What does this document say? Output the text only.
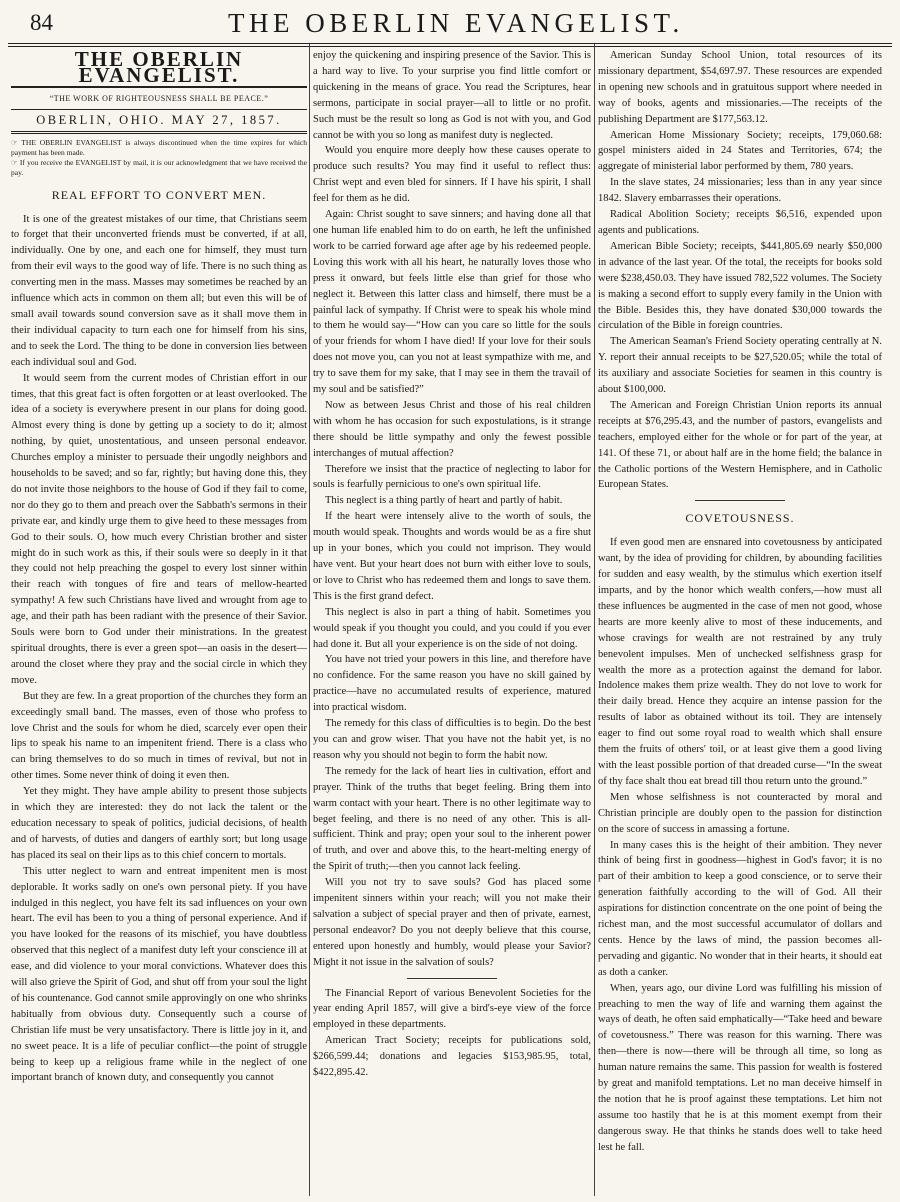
84	THE OBERLIN EVANGELIST.
THE OBERLIN EVANGELIST.
“THE WORK OF RIGHTEOUSNESS SHALL BE PEACE.”
OBERLIN, OHIO. MAY 27, 1857.

☞ THE OBERLIN EVANGELIST is always discontinued when the time expires for which payment has been made.

☞ If you receive the EVANGELIST by mail, it is our acknowledgment that we have received the pay.

REAL EFFORT TO CONVERT MEN.

It is one of the greatest mistakes of our time, that Christians seem to forget that their unconverted friends must be converted, if at all, individually. One by one, and each one for himself, they must turn from their evil ways to the good way of life. There is no such thing as converting men in the mass. Masses may sometimes be reached by an influence which acts in common on them all; but even this will be of small avail towards sound conversion save as it shall move them in their individual capacity to turn each one for himself from his sins, and to seek the Lord. The thing to be done in conversion lies between each individual soul and God.

It would seem from the current modes of Christian effort in our times, that this great fact is often forgotten or at least overlooked. The idea of a society is everywhere present in our plans for doing good. Almost every thing is done by getting up a society to do it; almost nothing, by quiet, unostentatious, and unseen personal endeavor. Churches employ a minister to persuade their ungodly neighbors and households to be saved; and so far, rightly; but having done this, they do not invite those neighbors to the house of God if they fail to come, nor do they go to them and preach over the Sabbath's sermons in their private ear, and kindly urge them to give heed to these messages from God to their souls. O, how much every Christian brother and sister might do in such work as this, if their souls were so deeply in it that they could not help preaching the gospel to every lost sinner within their reach with tongues of fire and tears of mellow-hearted sympathy! A few such Christians have lived and wrought from age to age, and their path has been radiant with the presence of their Savior. Souls were born to God under their ministrations. In the greatest spiritual droughts, there is ever a green spot—an oasis in the desert—around the closet where they pray and the social circle in which they move.

But they are few. In a great proportion of the churches they form an exceedingly small band. The masses, even of those who profess to love Christ and the souls for whom he died, scarcely ever open their lips to speak his name to an impenitent friend. There is a class who can bring themselves to do so much in times of revival, but not in other times. Some never think of doing it even then.

Yet they might. They have ample ability to present those subjects in which they are interested: they do not lack the talent or the education necessary to speak of politics, judicial decisions, of health and of harvests, of duties and dangers of earthly sort; but long usage has placed its seal on their lips as to this chief concern to mortals.

This utter neglect to warn and entreat impenitent men is most deplorable. It works sadly on one's own personal piety. If you have indulged in this neglect, you have felt its sad influences on your own heart. The evil has been to you a thing of personal experience. And if you have looked for the reasons of its mischief, you have doubtless observed that this neglect of a manifest duty left your conscience ill at ease, and did violence to your moral convictions. Whatever does this will also grieve the Spirit of God, and shut off from your soul the light of his countenance. God cannot smile approvingly on one who shrinks habitually from obvious duty. Consequently such a course of Christian life must be very unsatisfactory. There is little joy in it, and no sweet peace. It is a life of peculiar conflict—the point of struggle being to keep up a religious frame while in the neglect of one important branch of known duty, and consequently you cannot

enjoy the quickening and inspiring presence of the Savior. This is a hard way to live. To your surprise you find little comfort or quickening in the means of grace. You read the Scriptures, hear sermons, participate in social prayer—all to little or no profit. Such must be the result so long as God is not with you, and God cannot be with you so long as manifest duty is neglected.

Would you enquire more deeply how these causes operate to produce such results? You may find it useful to reflect thus: Christ wept and even bled for sinners. If I have his spirit, I shall feel for them as he did.

Again: Christ sought to save sinners; and having done all that one human life enabled him to do on earth, he left the unfinished work to be carried forward age after age by his redeemed people. Loving this work with all his heart, he naturally loves those who press it onward, but feels little else than grief for those who neglect it. Between this latter class and himself, there must be a painful lack of sympathy. If Christ were to speak his whole mind to them he would say—“How can you care so little for the souls of your friends for whom I have died! If your love for their souls does not move you, can you not at least sympathize with me, and try to save them for my sake, that I may see in them the travail of my soul and be satisfied?”

Now as between Jesus Christ and those of his real children with whom he has occasion for such expostulations, is it strange there should be little sympathy and only the fewest possible interchanges of mutual affection?

Therefore we insist that the practice of neglecting to labor for souls is fearfully pernicious to one's own spiritual life.

This neglect is a thing partly of heart and partly of habit.

If the heart were intensely alive to the worth of souls, the mouth would speak. Thoughts and words would be as a fire shut up in your bones, which you could not imprison. They would have vent. But your heart does not burn with either love to souls, or love to Christ who has redeemed them and longs to save them. This is the first grand defect.

This neglect is also in part a thing of habit. Sometimes you would speak if you thought you could, and you could if you ever had done it. But all your experience is on the side of not doing.

You have not tried your powers in this line, and therefore have no confidence. For the same reason you have no skill gained by practice—have no accumulated results of experience, matured into practical wisdom.

The remedy for this class of difficulties is to begin. Do the best you can and grow wiser. That you have not the habit yet, is no reason why you should not begin to form the habit now.

The remedy for the lack of heart lies in cultivation, effort and prayer. Think of the truths that beget feeling. Bring them into warm contact with your heart. There is no other legitimate way to beget feeling, and there is no need of any other. This is all-sufficient. Think and pray; open your soul to the inherent power of truth, and over and above this, to the heart-melting energy of the Spirit of truth;—then you cannot lack feeling.

Will you not try to save souls? God has placed some impenitent sinners within your reach; will you not make their salvation a subject of special prayer and then of private, earnest, personal endeavor? Do you not deeply believe that this course, entered upon honestly and humbly, would please your Savior? Might it not issue in the salvation of souls?

The Financial Report of various Benevolent Societies for the year ending April 1857, will give a bird's-eye view of the force employed in these departments.

American Tract Society; receipts for publications sold, $266,599.44; donations and legacies $153,985.95, total, $422,895.42.

American Sunday School Union, total resources of its missionary department, $54,697.97. These resources are expended in opening new schools and in gratuitous support where needed in way of books, agents and missionaries.—The receipts of the publishing Department are $177,563.12.

American Home Missionary Society; receipts, 179,060.68: gospel ministers aided in 24 States and Territories, 674; the aggregate of ministerial labor performed by them, 780 years.

In the slave states, 24 missionaries; less than in any year since 1842. Slavery embarrasses their operations.

Radical Abolition Society; receipts $6,516, expended upon agents and publications.

American Bible Society; receipts, $441,805.69 nearly $50,000 in advance of the last year. Of the total, the receipts for books sold were $238,450.03. They have issued 782,522 volumes. The Society is making a second effort to supply every family in the Union with the Bible. Besides this, they have donated $30,000 towards the circulation of the Bible in foreign countries.

The American Seaman's Friend Society operating centrally at N. Y. report their annual receipts to be $27,520.05; while the total of its auxiliary and associate Societies for seamen in this country is about $100,000.

The American and Foreign Christian Union reports its annual receipts at $76,295.43, and the number of pastors, evangelists and teachers, employed either for the whole or for part of the year, at 141. Of these 71, or about half are in the home field; the balance in the Catholic portions of the Western Hemisphere, and in Catholic European States.

COVETOUSNESS.

If even good men are ensnared into covetousness by anticipated want, by the idea of providing for children, by abounding facilities for sudden and easy wealth, by the stimulus which exertion itself imparts, and by the honor which wealth confers,—how must all these influences be augmented in the case of men not good, whose hearts are more keenly alive to most of these inducements, and whose cravings for wealth are not restrained by any truly benevolent impulses. Men of unchecked selfishness grasp for wealth the more as a protection against the demand for labor. Indolence makes them prize wealth. They do not love to work for their daily bread. Hence they acquire an intense passion for the results of labor as obtained without its toil. They are intensely eager to find out some royal road to wealth which shall ensure them the fruits of others' toil, or at least give them a good living with the least possible portion of that dreaded curse—“In the sweat of thy face shalt thou eat bread till thou return unto the ground.”

Men whose selfishness is not counteracted by moral and Christian principle are doubly open to the passion for distinction on the score of success in amassing a fortune.

In many cases this is the height of their ambition. They never think of being first in goodness—highest in God's favor; it is no part of their ambition to keep a good conscience, or to serve their generation faithfully according to the will of God. All their aspirations for distinction concentrate on the one point of being the richest man, and the most successful accumulator of dollars and cents. Hence by the laws of mind, the passion becomes all-pervading and gigantic. No wonder that in their hearts, it should eat as doth a canker.

When, years ago, our divine Lord was fulfilling his mission of preaching to men the way of life and warning them against the ways of death, he often said emphatically—“Take heed and beware of covetousness.” There was reason for this warning. There was then—there is now—there will be through all time, so long as human nature remains the same. This passion for wealth is fostered by great and manifold temptations. Let no man deceive himself in the notion that he is proof against these temptations. Let him not assume too hastily that he is at this moment exempt from their dangerous sway. He that thinks he stands does well to take heed lest he fall.
